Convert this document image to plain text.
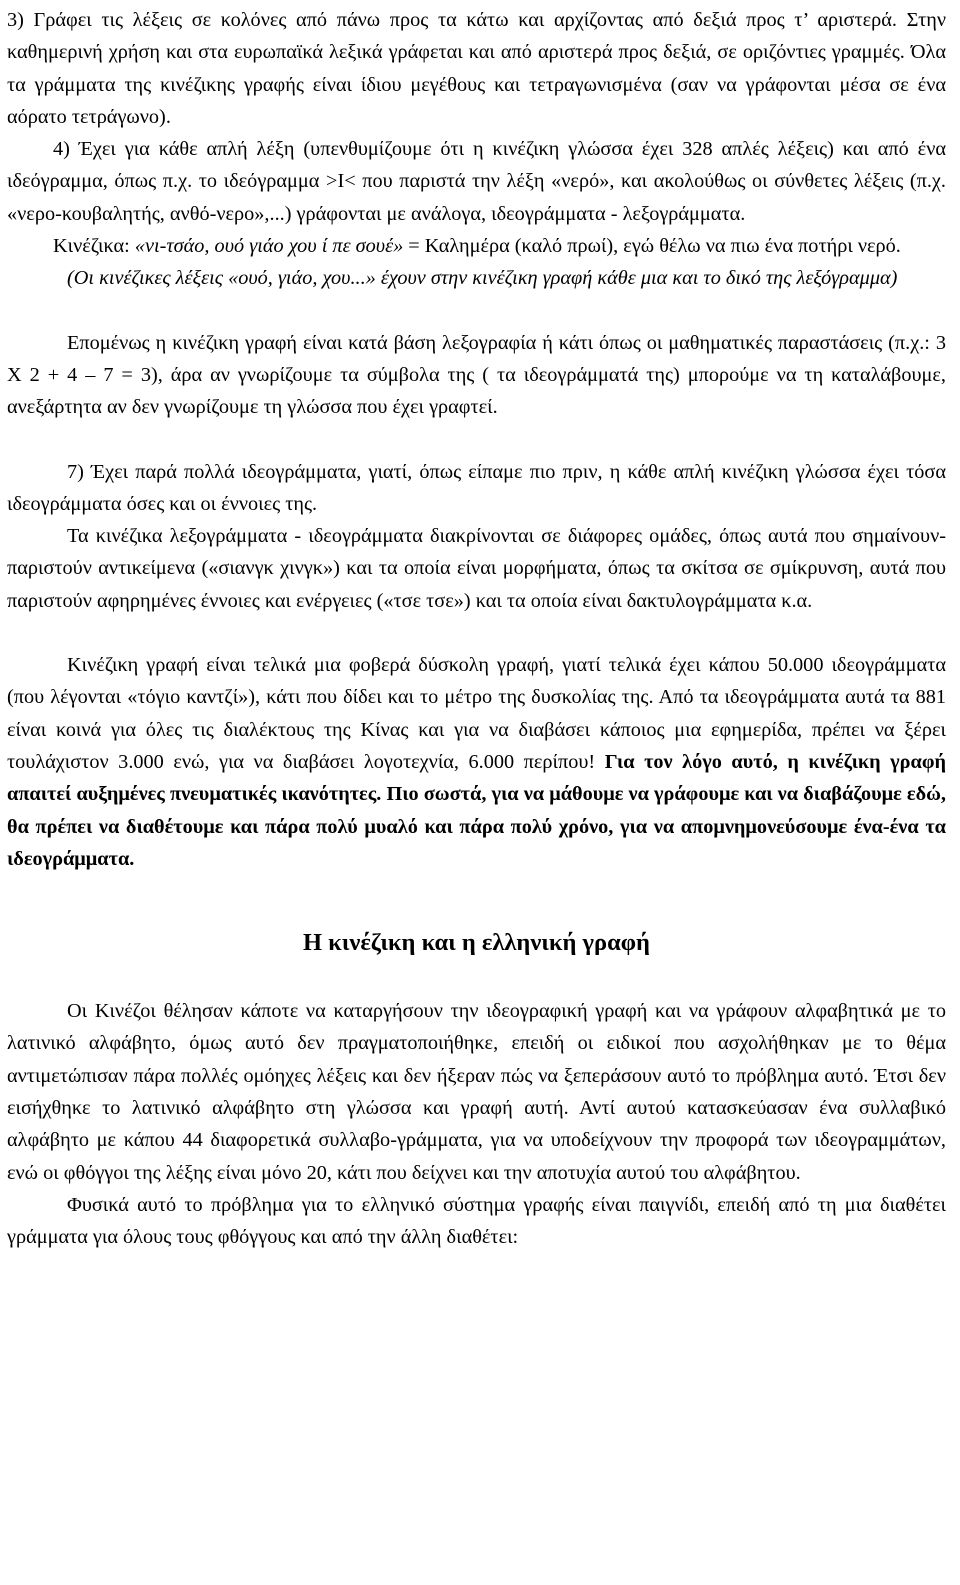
3) Γράφει τις λέξεις σε κολόνες από πάνω προς τα κάτω και αρχίζοντας από δεξιά προς τ’ αριστερά. Στην καθημερινή χρήση και στα ευρωπαϊκά λεξικά γράφεται και από αριστερά προς δεξιά, σε οριζόντιες γραμμές. Όλα τα γράμματα της κινέζικης γραφής είναι ίδιου μεγέθους και τετραγωνισμένα (σαν να γράφονται μέσα σε ένα αόρατο τετράγωνο).

4) Έχει για κάθε απλή λέξη (υπενθυμίζουμε ότι η κινέζικη γλώσσα έχει 328 απλές λέξεις) και από ένα ιδεόγραμμα, όπως π.χ. το ιδεόγραμμα >I< που παριστά την λέξη «νερό», και ακολούθως οι σύνθετες λέξεις (π.χ. «νερο-κουβαλητής, ανθό-νερο»,...) γράφονται με ανάλογα, ιδεογράμματα - λεξογράμματα.

Κινέζικα: «νι-τσάο, ουό γιάο χου ί πε σουέ» = Καλημέρα (καλό πρωί), εγώ θέλω να πιω ένα ποτήρι νερό.

(Οι κινέζικες λέξεις «ουό, γιάο, χου...» έχουν στην κινέζικη γραφή κάθε μια και το δικό της λεξόγραμμα)

Επομένως η κινέζικη γραφή είναι κατά βάση λεξογραφία ή κάτι όπως οι μαθηματικές παραστάσεις (π.χ.: 3 Χ 2 + 4 – 7 = 3), άρα αν γνωρίζουμε τα σύμβολα της ( τα ιδεογράμματά της) μπορούμε να τη καταλάβουμε, ανεξάρτητα αν δεν γνωρίζουμε τη γλώσσα που έχει γραφτεί.

7) Έχει παρά πολλά ιδεογράμματα, γιατί, όπως είπαμε πιο πριν, η κάθε απλή κινέζικη γλώσσα έχει τόσα ιδεογράμματα όσες και οι έννοιες της.

Τα κινέζικα λεξογράμματα - ιδεογράμματα διακρίνονται σε διάφορες ομάδες, όπως αυτά που σημαίνουν- παριστούν αντικείμενα («σιανγκ χινγκ») και τα οποία είναι μορφήματα, όπως τα σκίτσα σε σμίκρυνση, αυτά που παριστούν αφηρημένες έννοιες και ενέργειες («τσε τσε») και τα οποία είναι δακτυλογράμματα κ.α.

Κινέζικη γραφή είναι τελικά μια φοβερά δύσκολη γραφή, γιατί τελικά έχει κάπου 50.000 ιδεογράμματα (που λέγονται «τόγιο καντζί»), κάτι που δίδει και το μέτρο της δυσκολίας της. Από τα ιδεογράμματα αυτά τα 881 είναι κοινά για όλες τις διαλέκτους της Κίνας και για να διαβάσει κάποιος μια εφημερίδα, πρέπει να ξέρει τουλάχιστον 3.000 ενώ, για να διαβάσει λογοτεχνία, 6.000 περίπου! Για τον λόγο αυτό, η κινέζικη γραφή απαιτεί αυξημένες πνευματικές ικανότητες. Πιο σωστά, για να μάθουμε να γράφουμε και να διαβάζουμε εδώ, θα πρέπει να διαθέτουμε και πάρα πολύ μυαλό και πάρα πολύ χρόνο, για να απομνημονεύσουμε ένα-ένα τα ιδεογράμματα.

Η κινέζικη και η ελληνική γραφή

Οι Κινέζοι θέλησαν κάποτε να καταργήσουν την ιδεογραφική γραφή και να γράφουν αλφαβητικά με το λατινικό αλφάβητο, όμως αυτό δεν πραγματοποιήθηκε, επειδή οι ειδικοί που ασχολήθηκαν με το θέμα αντιμετώπισαν πάρα πολλές ομόηχες λέξεις και δεν ήξεραν πώς να ξεπεράσουν αυτό το πρόβλημα αυτό. Έτσι δεν εισήχθηκε το λατινικό αλφάβητο στη γλώσσα και γραφή αυτή. Αντί αυτού κατασκεύασαν ένα συλλαβικό αλφάβητο με κάπου 44 διαφορετικά συλλαβο-γράμματα, για να υποδείχνουν την προφορά των ιδεογραμμάτων, ενώ οι φθόγγοι της λέξης είναι μόνο 20, κάτι που δείχνει και την αποτυχία αυτού του αλφάβητου.

Φυσικά αυτό το πρόβλημα για το ελληνικό σύστημα γραφής είναι παιγνίδι, επειδή από τη μια διαθέτει γράμματα για όλους τους φθόγγους και από την άλλη διαθέτει:
